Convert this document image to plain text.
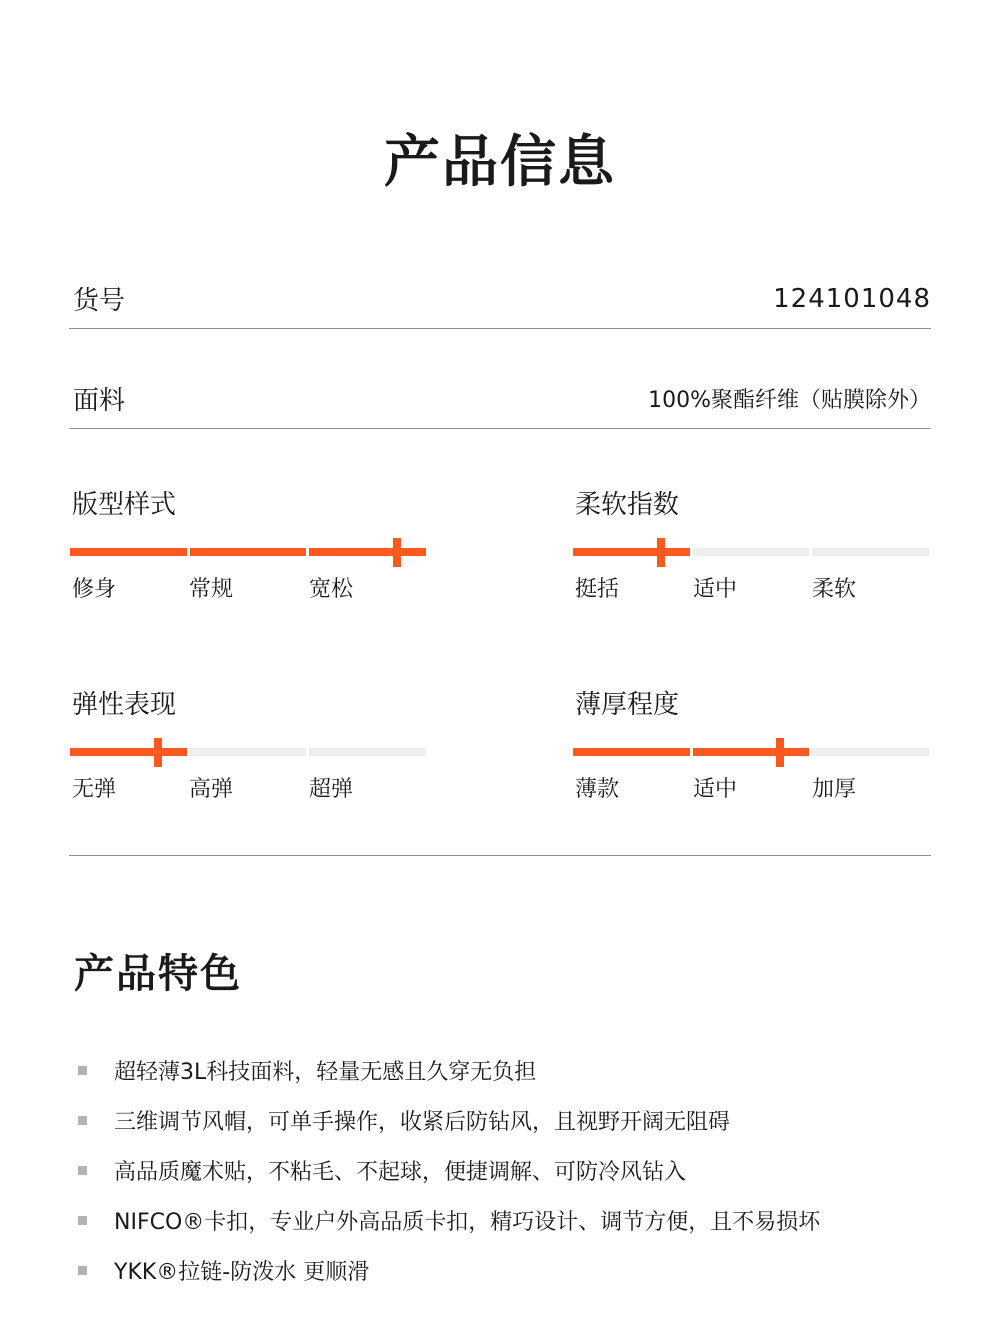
产品信息
货号	124101048
面料	100%聚酯纤维（贴膜除外）
版型样式
修身	常规	宽松
柔软指数
挺括	适中	柔软
弹性表现
无弹	高弹	超弹
薄厚程度
薄款	适中	加厚
产品特色
超轻薄3L科技面料，轻量无感且久穿无负担
三维调节风帽，可单手操作，收紧后防钻风，且视野开阔无阻碍
高品质魔术贴，不粘毛、不起球，便捷调解、可防冷风钻入
NIFCO®卡扣，专业户外高品质卡扣，精巧设计、调节方便，且不易损坏
YKK®拉链-防泼水 更顺滑
